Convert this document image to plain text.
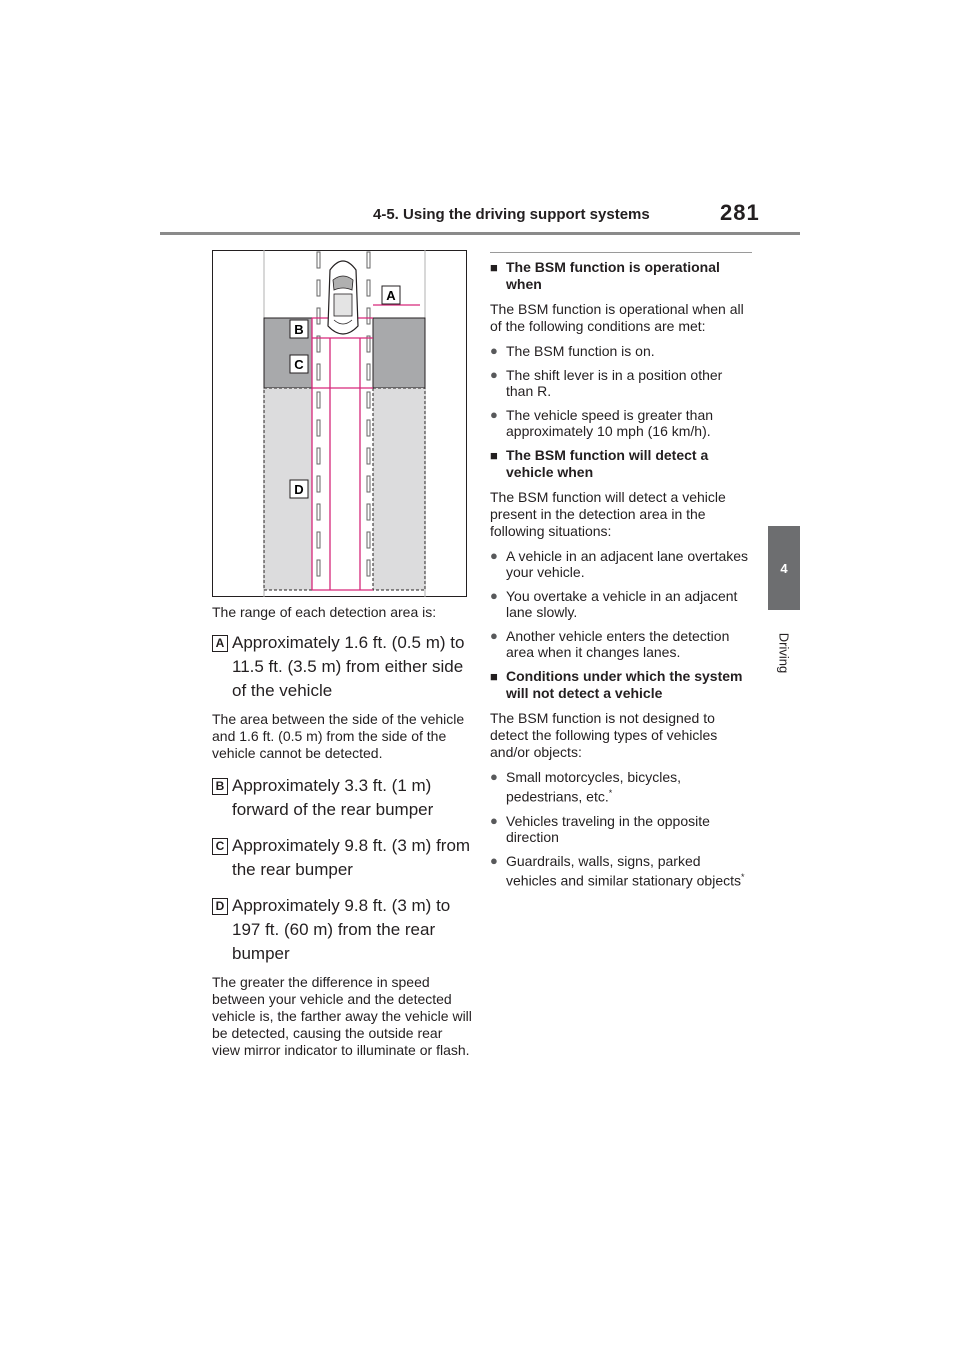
4-5. Using the driving support systems	281
4
Driving
A
B
C
D

The range of each detection area is:

A Approximately 1.6 ft. (0.5 m) to 11.5 ft. (3.5 m) from either side of the vehicle

The area between the side of the vehicle and 1.6 ft. (0.5 m) from the side of the vehicle cannot be detected.

B Approximately 3.3 ft. (1 m) forward of the rear bumper
C Approximately 9.8 ft. (3 m) from the rear bumper
D Approximately 9.8 ft. (3 m) to 197 ft. (60 m) from the rear bumper

The greater the difference in speed between your vehicle and the detected vehicle is, the farther away the vehicle will be detected, causing the outside rear view mirror indicator to illuminate or flash.

■ The BSM function is operational when

The BSM function is operational when all of the following conditions are met:

● The BSM function is on.
● The shift lever is in a position other than R.
● The vehicle speed is greater than approximately 10 mph (16 km/h).
■ The BSM function will detect a vehicle when

The BSM function will detect a vehicle present in the detection area in the following situations:

● A vehicle in an adjacent lane overtakes your vehicle.
● You overtake a vehicle in an adjacent lane slowly.
● Another vehicle enters the detection area when it changes lanes.
■ Conditions under which the system will not detect a vehicle

The BSM function is not designed to detect the following types of vehicles and/or objects:

● Small motorcycles, bicycles, pedestrians, etc.*
● Vehicles traveling in the opposite direction
● Guardrails, walls, signs, parked vehicles and similar stationary objects*
